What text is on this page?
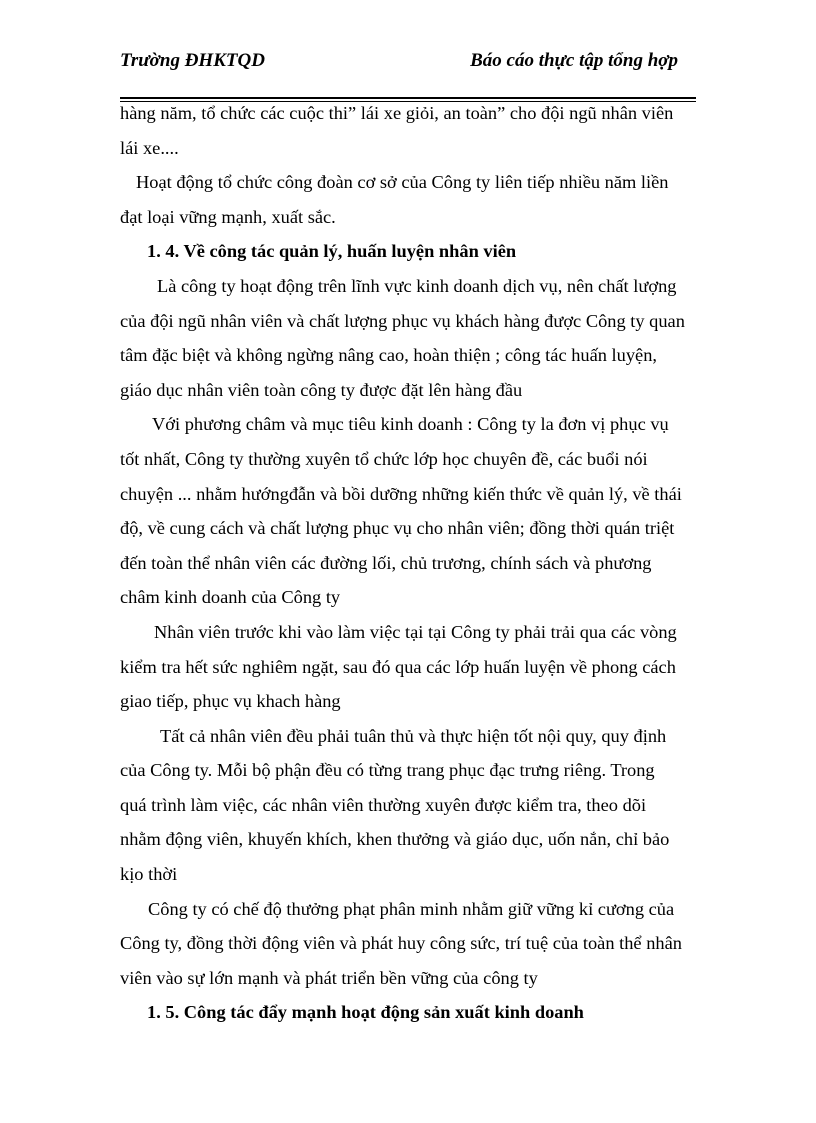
Trường ĐHKTQD	Báo cáo thực tập tổng hợp
hàng năm, tổ chức các cuộc thi” lái xe giỏi, an toàn” cho đội ngũ nhân viên
lái xe....
Hoạt động tổ chức công đoàn cơ sở của Công ty liên tiếp nhiều năm liền
đạt loại vững mạnh, xuất sắc.
1. 4. Về công tác quản lý, huấn luyện nhân viên
Là công ty hoạt động trên lĩnh vực kinh doanh dịch vụ, nên chất lượng
của đội ngũ nhân viên và chất lượng phục vụ khách hàng được Công ty quan
tâm đặc biệt và không ngừng nâng cao, hoàn thiện ; công tác huấn luyện,
giáo dục nhân viên toàn công ty được đặt lên hàng đầu
Với phương châm và mục tiêu kinh doanh : Công ty la đơn vị phục vụ
tốt nhất, Công ty thường xuyên tổ chức lớp học chuyên đề, các buổi nói
chuyện ... nhằm hướngđẫn và bồi dưỡng những kiến thức về quản lý, về thái
độ, về cung cách và chất lượng phục vụ cho nhân viên; đồng thời quán triệt
đến toàn thể nhân viên các đường lối, chủ trương, chính sách và phương
châm kinh doanh của Công ty
Nhân viên trước khi vào làm việc tại tại Công ty phải trải qua các vòng
kiểm tra hết sức nghiêm ngặt, sau đó qua các lớp huấn luyện về phong cách
giao tiếp, phục vụ khach hàng
Tất cả nhân viên đều phải tuân thủ và thực hiện tốt nội quy, quy định
của Công ty. Mỗi bộ phận đều có từng trang phục đạc trưng riêng. Trong
quá trình làm việc, các nhân viên thường xuyên được kiểm tra, theo dõi
nhằm động viên, khuyến khích, khen thưởng và giáo dục, uốn nắn, chỉ bảo
kịo thời
Công ty có chế độ thưởng phạt phân minh nhằm giữ vững kỉ cương của
Công ty, đồng thời động viên và phát huy công sức, trí tuệ của toàn thể nhân
viên vào sự lớn mạnh và phát triển bền vững của công ty
1. 5. Công tác đẩy mạnh hoạt động sản xuất kinh doanh
